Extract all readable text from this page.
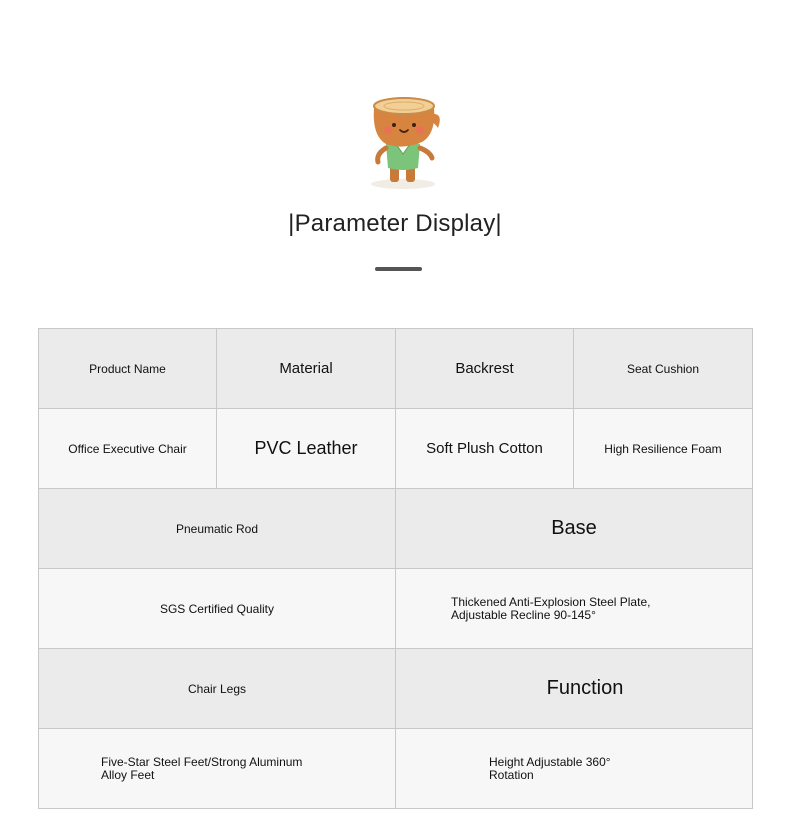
|Parameter Display|
Product Name	Material	Backrest	Seat Cushion
Office Executive Chair	PVC Leather	Soft Plush Cotton	High Resilience Foam
Pneumatic Rod		Base	
SGS Certified Quality		Thickened Anti-Explosion Steel Plate, Adjustable Recline 90-145°	
Chair Legs		Function	
Five-Star Steel Feet/Strong Aluminum Alloy Feet		Height Adjustable 360° Rotation	
